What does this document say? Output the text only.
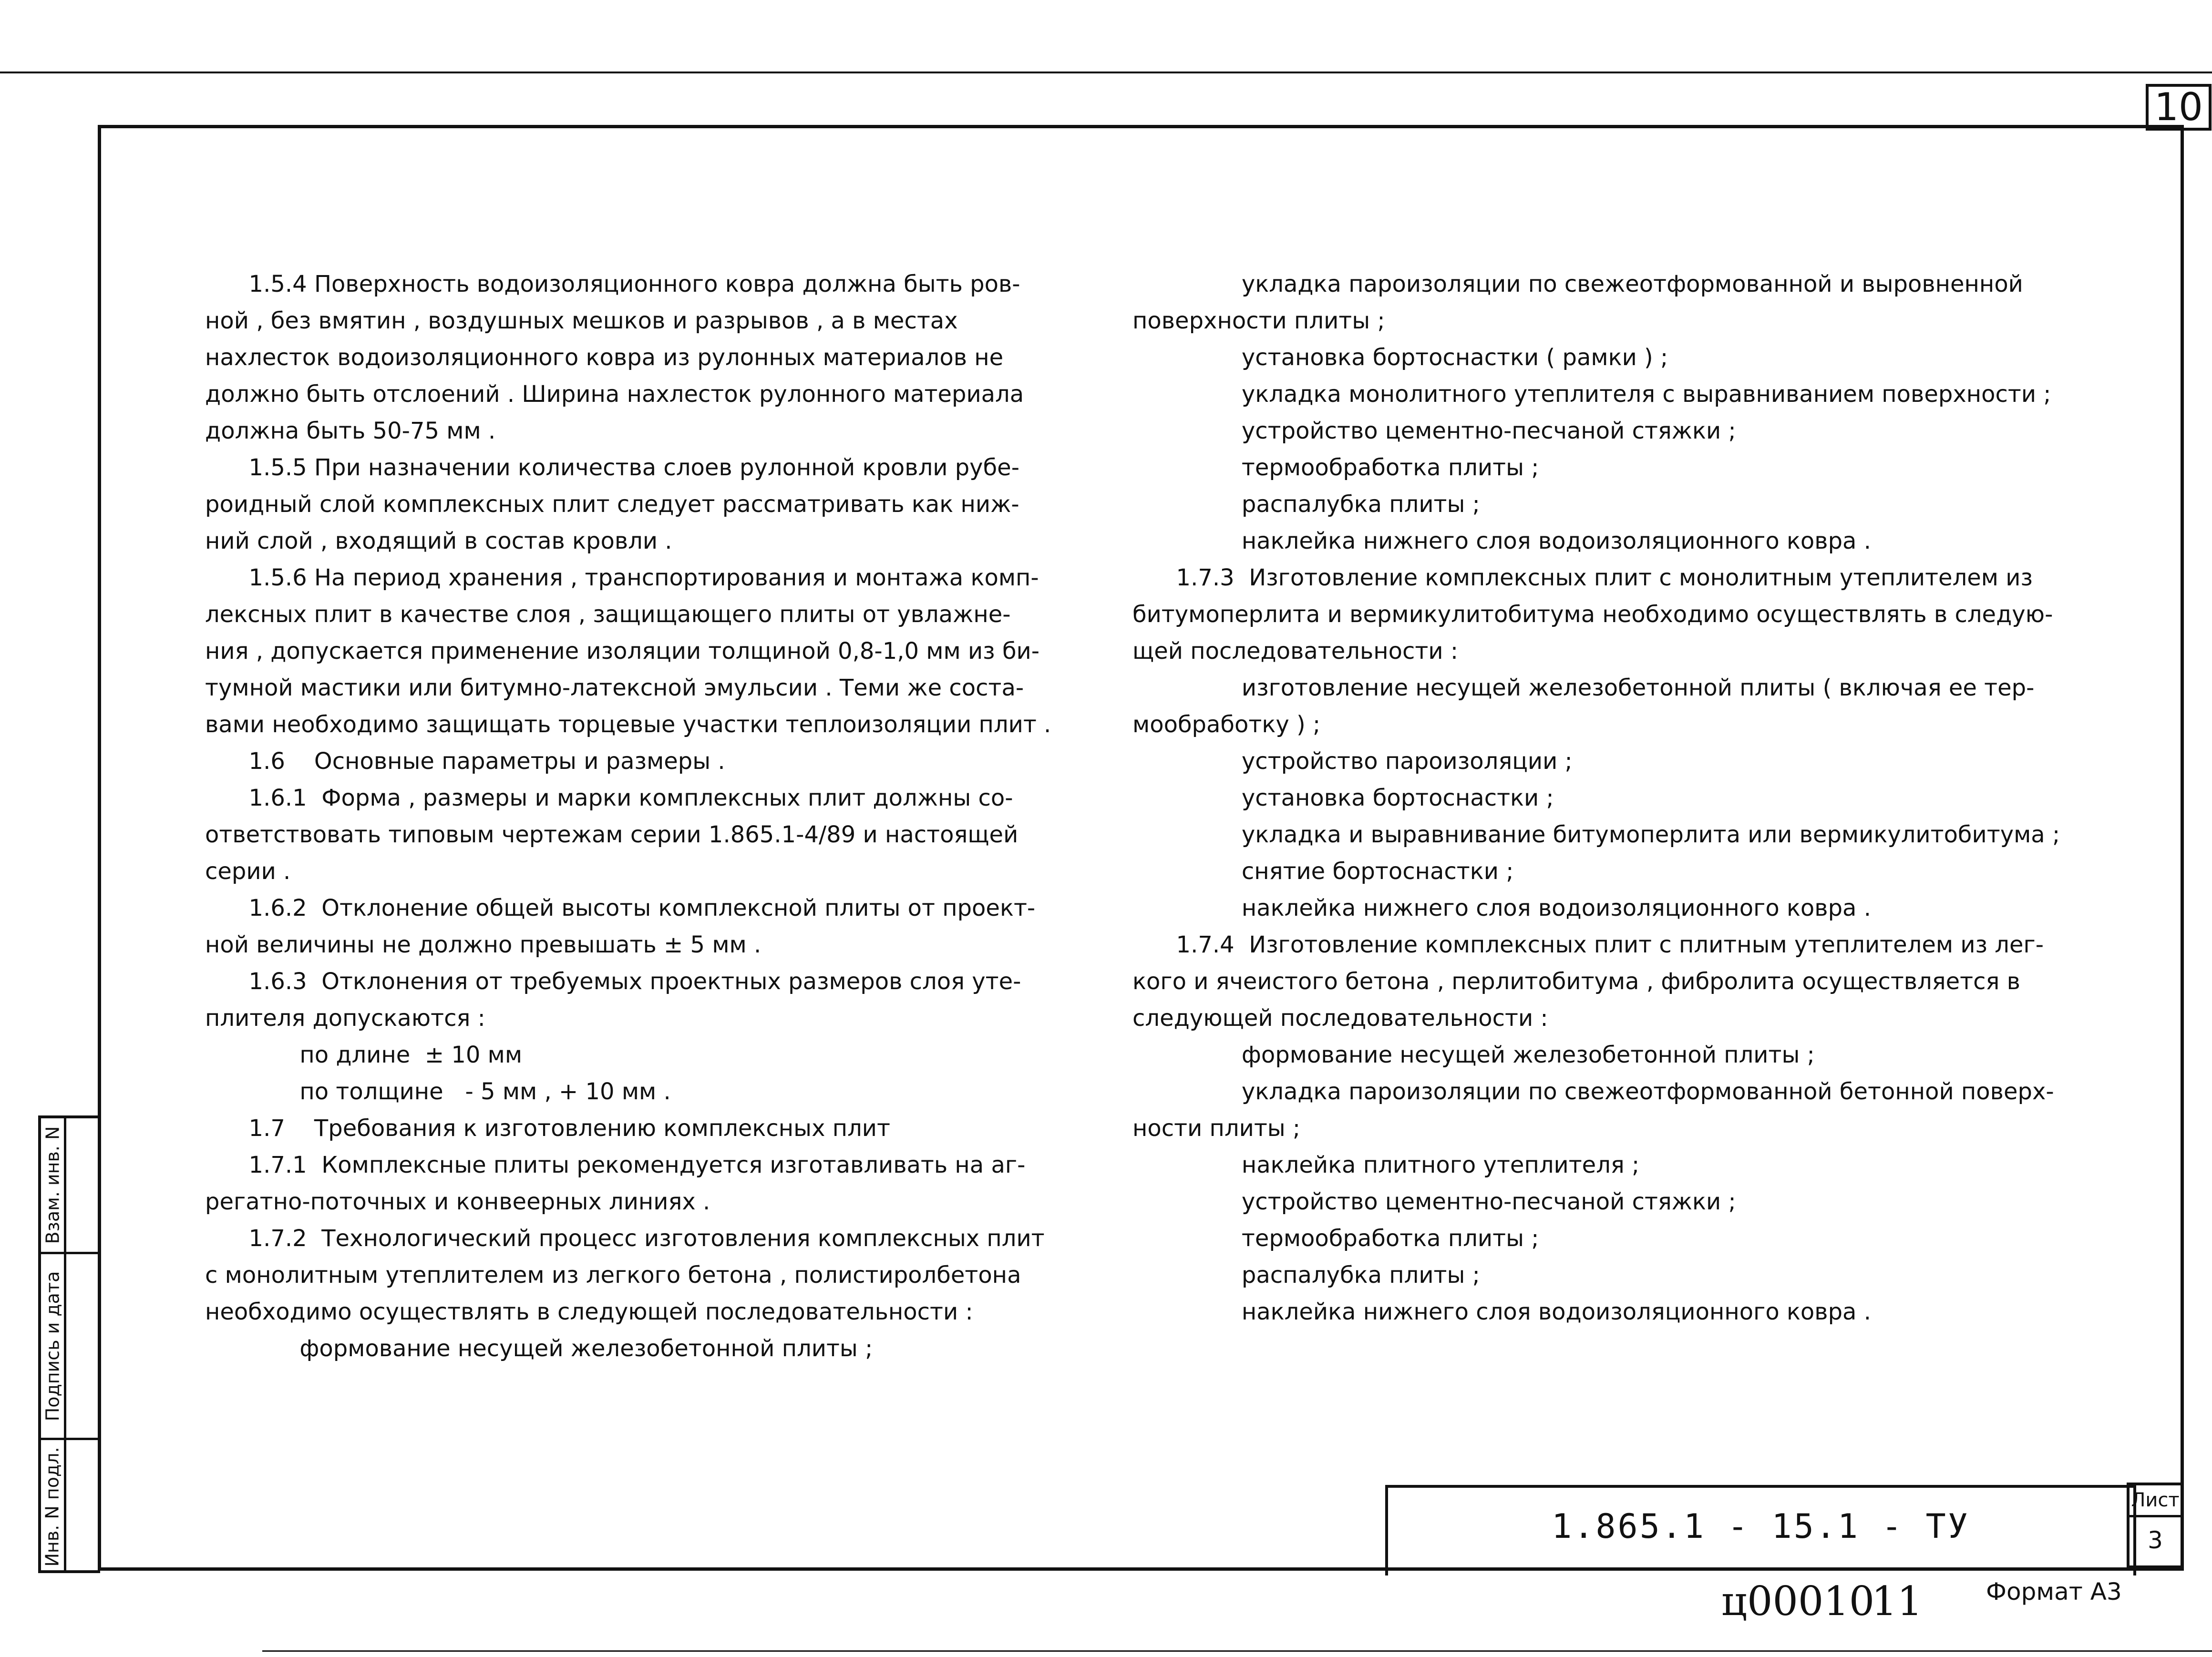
10
1.5.4 Поверхность водоизоляционного ковра должна быть ров-
ной , без вмятин , воздушных мешков и разрывов , а в местах
нахлесток водоизоляционного ковра из рулонных материалов не
должно быть отслоений . Ширина нахлесток рулонного материала
должна быть 50-75 мм .
1.5.5 При назначении количества слоев рулонной кровли рубе-
роидный слой комплексных плит следует рассматривать как ниж-
ний слой , входящий в состав кровли .
1.5.6 На период хранения , транспортирования и монтажа комп-
лексных плит в качестве слоя , защищающего плиты от увлажне-
ния , допускается применение изоляции толщиной 0,8-1,0 мм из би-
тумной мастики или битумно-латексной эмульсии . Теми же соста-
вами необходимо защищать торцевые участки теплоизоляции плит .
1.6    Основные параметры и размеры .
1.6.1  Форма , размеры и марки комплексных плит должны со-
ответствовать типовым чертежам серии 1.865.1-4/89 и настоящей
серии .
1.6.2  Отклонение общей высоты комплексной плиты от проект-
ной величины не должно превышать ± 5 мм .
1.6.3  Отклонения от требуемых проектных размеров слоя уте-
плителя допускаются :
по длине  ± 10 мм
по толщине   - 5 мм , + 10 мм .
1.7    Требования к изготовлению комплексных плит
1.7.1  Комплексные плиты рекомендуется изготавливать на аг-
регатно-поточных и конвеерных линиях .
1.7.2  Технологический процесс изготовления комплексных плит
с монолитным утеплителем из легкого бетона , полистиролбетона
необходимо осуществлять в следующей последовательности :
формование несущей железобетонной плиты ;
укладка пароизоляции по свежеотформованной и выровненной
поверхности плиты ;
установка бортоснастки ( рамки ) ;
укладка монолитного утеплителя с выравниванием поверхности ;
устройство цементно-песчаной стяжки ;
термообработка плиты ;
распалубка плиты ;
наклейка нижнего слоя водоизоляционного ковра .
1.7.3  Изготовление комплексных плит с монолитным утеплителем из
битумоперлита и вермикулитобитума необходимо осуществлять в следую-
щей последовательности :
изготовление несущей железобетонной плиты ( включая ее тер-
мообработку ) ;
устройство пароизоляции ;
установка бортоснастки ;
укладка и выравнивание битумоперлита или вермикулитобитума ;
снятие бортоснастки ;
наклейка нижнего слоя водоизоляционного ковра .
1.7.4  Изготовление комплексных плит с плитным утеплителем из лег-
кого и ячеистого бетона , перлитобитума , фибролита осуществляется в
следующей последовательности :
формование несущей железобетонной плиты ;
укладка пароизоляции по свежеотформованной бетонной поверх-
ности плиты ;
наклейка плитного утеплителя ;
устройство цементно-песчаной стяжки ;
термообработка плиты ;
распалубка плиты ;
наклейка нижнего слоя водоизоляционного ковра .
Взам. инв. N
Подпись и дата
Инв. N подл.	1.865.1 - 15.1 - ТУ
Лист
3
ц00010
11	Формат А3
